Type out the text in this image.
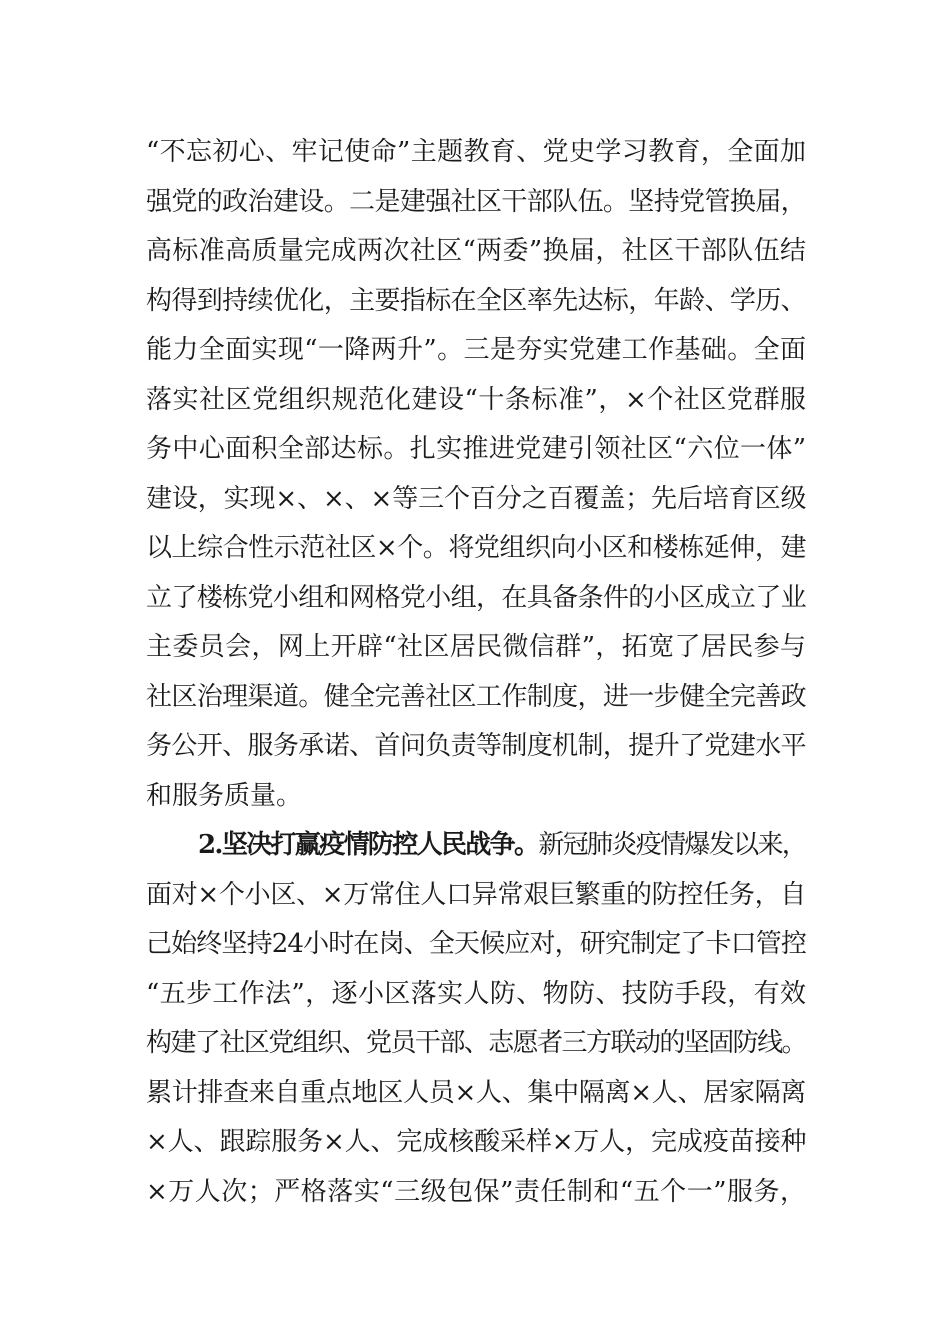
“不忘初心、牢记使命”主题教育、党史学习教育，全面加
强党的政治建设。二是建强社区干部队伍。坚持党管换届，
高标准高质量完成两次社区“两委”换届，社区干部队伍结
构得到持续优化，主要指标在全区率先达标，年龄、学历、
能力全面实现“一降两升”。三是夯实党建工作基础。全面
落实社区党组织规范化建设“十条标准”，×个社区党群服
务中心面积全部达标。扎实推进党建引领社区“六位一体”
建设，实现×、×、×等三个百分之百覆盖；先后培育区级
以上综合性示范社区×个。将党组织向小区和楼栋延伸，建
立了楼栋党小组和网格党小组，在具备条件的小区成立了业
主委员会，网上开辟“社区居民微信群”，拓宽了居民参与
社区治理渠道。健全完善社区工作制度，进一步健全完善政
务公开、服务承诺、首问负责等制度机制，提升了党建水平
和服务质量。
2.坚决打赢疫情防控人民战争。新冠肺炎疫情爆发以来，
面对×个小区、×万常住人口异常艰巨繁重的防控任务，自
己始终坚持24小时在岗、全天候应对，研究制定了卡口管控
“五步工作法”，逐小区落实人防、物防、技防手段，有效
构建了社区党组织、党员干部、志愿者三方联动的坚固防线。
累计排查来自重点地区人员×人、集中隔离×人、居家隔离
×人、跟踪服务×人、完成核酸采样×万人，完成疫苗接种
×万人次；严格落实“三级包保”责任制和“五个一”服务，
